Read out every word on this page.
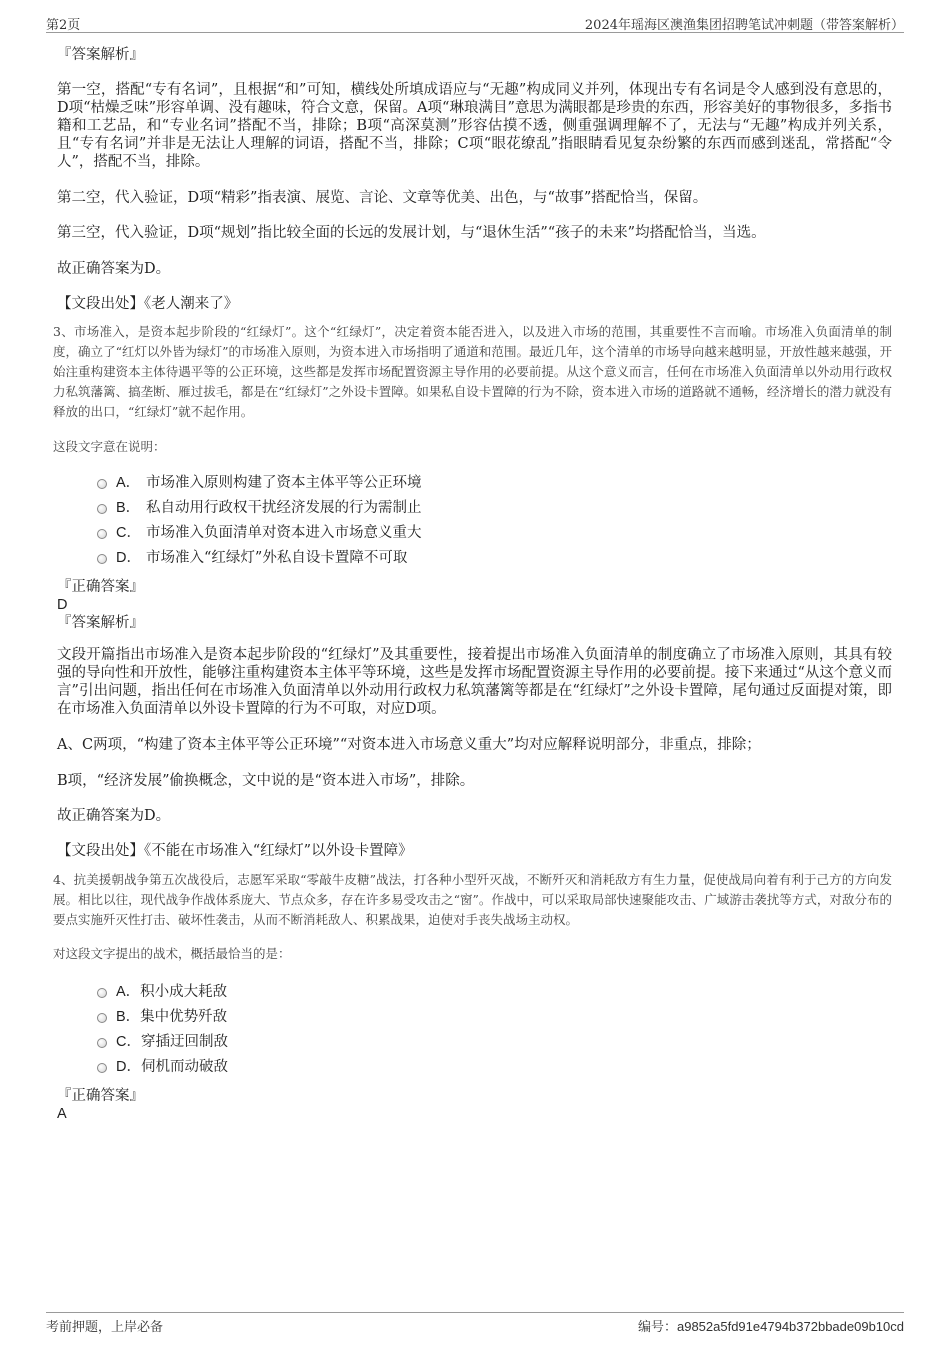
第2页	2024年瑶海区澳渔集团招聘笔试冲刺题（带答案解析）

『答案解析』

第一空，搭配“专有名词”，且根据“和”可知，横线处所填成语应与“无趣”构成同义并列，体现出专有名词是令人感到没有意思的，D项“枯燥乏味”形容单调、没有趣味，符合文意，保留。A项“琳琅满目”意思为满眼都是珍贵的东西，形容美好的事物很多，多指书籍和工艺品，和“专业名词”搭配不当，排除；B项“高深莫测”形容估摸不透，侧重强调理解不了，无法与“无趣”构成并列关系，且“专有名词”并非是无法让人理解的词语，搭配不当，排除；C项“眼花缭乱”指眼睛看见复杂纷繁的东西而感到迷乱，常搭配“令人”，搭配不当，排除。

第二空，代入验证，D项“精彩”指表演、展览、言论、文章等优美、出色，与“故事”搭配恰当，保留。

第三空，代入验证，D项“规划”指比较全面的长远的发展计划，与“退休生活”“孩子的未来”均搭配恰当，当选。

故正确答案为D。

【文段出处】《老人潮来了》

3、市场准入，是资本起步阶段的“红绿灯”。这个“红绿灯”，决定着资本能否进入，以及进入市场的范围，其重要性不言而喻。市场准入负面清单的制度，确立了“红灯以外皆为绿灯”的市场准入原则，为资本进入市场指明了通道和范围。最近几年，这个清单的市场导向越来越明显，开放性越来越强，开始注重构建资本主体待遇平等的公正环境，这些都是发挥市场配置资源主导作用的必要前提。从这个意义而言，任何在市场准入负面清单以外动用行政权力私筑藩篱、搞垄断、雁过拔毛，都是在“红绿灯”之外设卡置障。如果私自设卡置障的行为不除，资本进入市场的道路就不通畅，经济增长的潜力就没有释放的出口，“红绿灯”就不起作用。

这段文字意在说明：

A． 市场准入原则构建了资本主体平等公正环境
B． 私自动用行政权干扰经济发展的行为需制止
C． 市场准入负面清单对资本进入市场意义重大
D． 市场准入“红绿灯”外私自设卡置障不可取

『正确答案』

D

『答案解析』

文段开篇指出市场准入是资本起步阶段的“红绿灯”及其重要性，接着提出市场准入负面清单的制度确立了市场准入原则，其具有较强的导向性和开放性，能够注重构建资本主体平等环境，这些是发挥市场配置资源主导作用的必要前提。接下来通过“从这个意义而言”引出问题，指出任何在市场准入负面清单以外动用行政权力私筑藩篱等都是在“红绿灯”之外设卡置障，尾句通过反面提对策，即在市场准入负面清单以外设卡置障的行为不可取，对应D项。

A、C两项，“构建了资本主体平等公正环境”“对资本进入市场意义重大”均对应解释说明部分，非重点，排除；

B项，“经济发展”偷换概念，文中说的是“资本进入市场”，排除。

故正确答案为D。

【文段出处】《不能在市场准入“红绿灯”以外设卡置障》

4、抗美援朝战争第五次战役后，志愿军采取“零敲牛皮糖”战法，打各种小型歼灭战，不断歼灭和消耗敌方有生力量，促使战局向着有利于己方的方向发展。相比以往，现代战争作战体系庞大、节点众多，存在许多易受攻击之“窗”。作战中，可以采取局部快速聚能攻击、广域游击袭扰等方式，对敌分布的要点实施歼灭性打击、破坏性袭击，从而不断消耗敌人、积累战果，迫使对手丧失战场主动权。

对这段文字提出的战术，概括最恰当的是：

A．积小成大耗敌
B．集中优势歼敌
C．穿插迂回制敌
D．伺机而动破敌

『正确答案』

A

考前押题，上岸必备	编号：a9852a5fd91e4794b372bbade09b10cd
